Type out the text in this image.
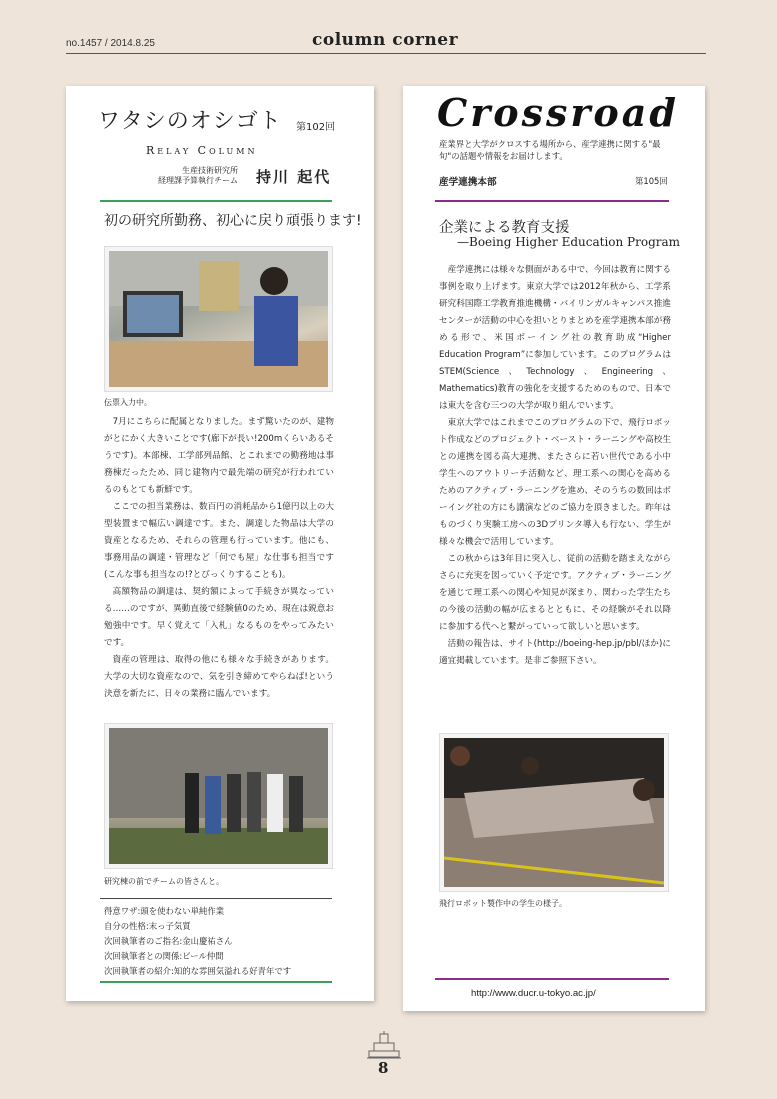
no.1457 / 2014.8.25	column corner
ワタシのオシゴト 第102回
Relay Column
生産技術研究所
経理課予算執行チーム 持川 起代
初の研究所勤務、初心に戻り頑張ります!
伝票入力中。

7月にこちらに配属となりました。まず驚いたのが、建物がとにかく大きいことです(廊下が長い!200mくらいあるそうです)。本部棟、工学部列品館、とこれまでの勤務地は事務棟だったため、同じ建物内で最先端の研究が行われているのもとても新鮮です。

ここでの担当業務は、数百円の消耗品から1億円以上の大型装置まで幅広い調達です。また、調達した物品は大学の資産となるため、それらの管理も行っています。他にも、事務用品の調達・管理など「何でも屋」な仕事も担当です(こんな事も担当なの!?とびっくりすることも)。

高額物品の調達は、契約額によって手続きが異なっている……のですが、異動直後で経験値0のため、現在は鋭意お勉強中です。早く覚えて「入札」なるものをやってみたいです。

資産の管理は、取得の他にも様々な手続きがあります。大学の大切な資産なので、気を引き締めてやらねば!という決意を新たに、日々の業務に臨んでいます。

研究棟の前でチームの皆さんと。
得意ワザ:頭を使わない単純作業
自分の性格:末っ子気質
次回執筆者のご指名:金山慶祐さん
次回執筆者との関係:ビール仲間
次回執筆者の紹介:知的な雰囲気溢れる好青年です
Crossroad
産業界と大学がクロスする場所から、産学連携に関する"最旬"の話題や情報をお届けします。
産学連携本部	第105回
企業による教育支援
—Boeing Higher Education Program

産学連携には様々な側面がある中で、今回は教育に関する事例を取り上げます。東京大学では2012年秋から、工学系研究科国際工学教育推進機構・バイリンガルキャンパス推進センターが活動の中心を担いとりまとめを産学連携本部が務める形で、米国ボーイング社の教育助成“Higher Education Program”に参加しています。このプログラムはSTEM(Science、Technology、Engineering、Mathematics)教育の強化を支援するためのもので、日本では東大を含む三つの大学が取り組んでいます。

東京大学ではこれまでこのプログラムの下で、飛行ロボット作成などのプロジェクト・ベースト・ラーニングや高校生との連携を図る高大連携、またさらに若い世代である小中学生へのアウトリーチ活動など、理工系への関心を高めるためのアクティブ・ラーニングを進め、そのうちの数回はボーイング社の方にも講演などのご協力を頂きました。昨年はものづくり実験工房への3Dプリンタ導入も行ない、学生が様々な機会で活用しています。

この秋からは3年目に突入し、従前の活動を踏まえながらさらに充実を図っていく予定です。アクティブ・ラーニングを通じて理工系への関心や知見が深まり、関わった学生たちの今後の活動の幅が広まるとともに、その経験がそれ以降に参加する代へと繋がっていって欲しいと思います。

活動の報告は、サイト(http://boeing-hep.jp/pbl/ほか)に適宜掲載しています。是非ご参照下さい。

飛行ロボット製作中の学生の様子。
http://www.ducr.u-tokyo.ac.jp/
8
